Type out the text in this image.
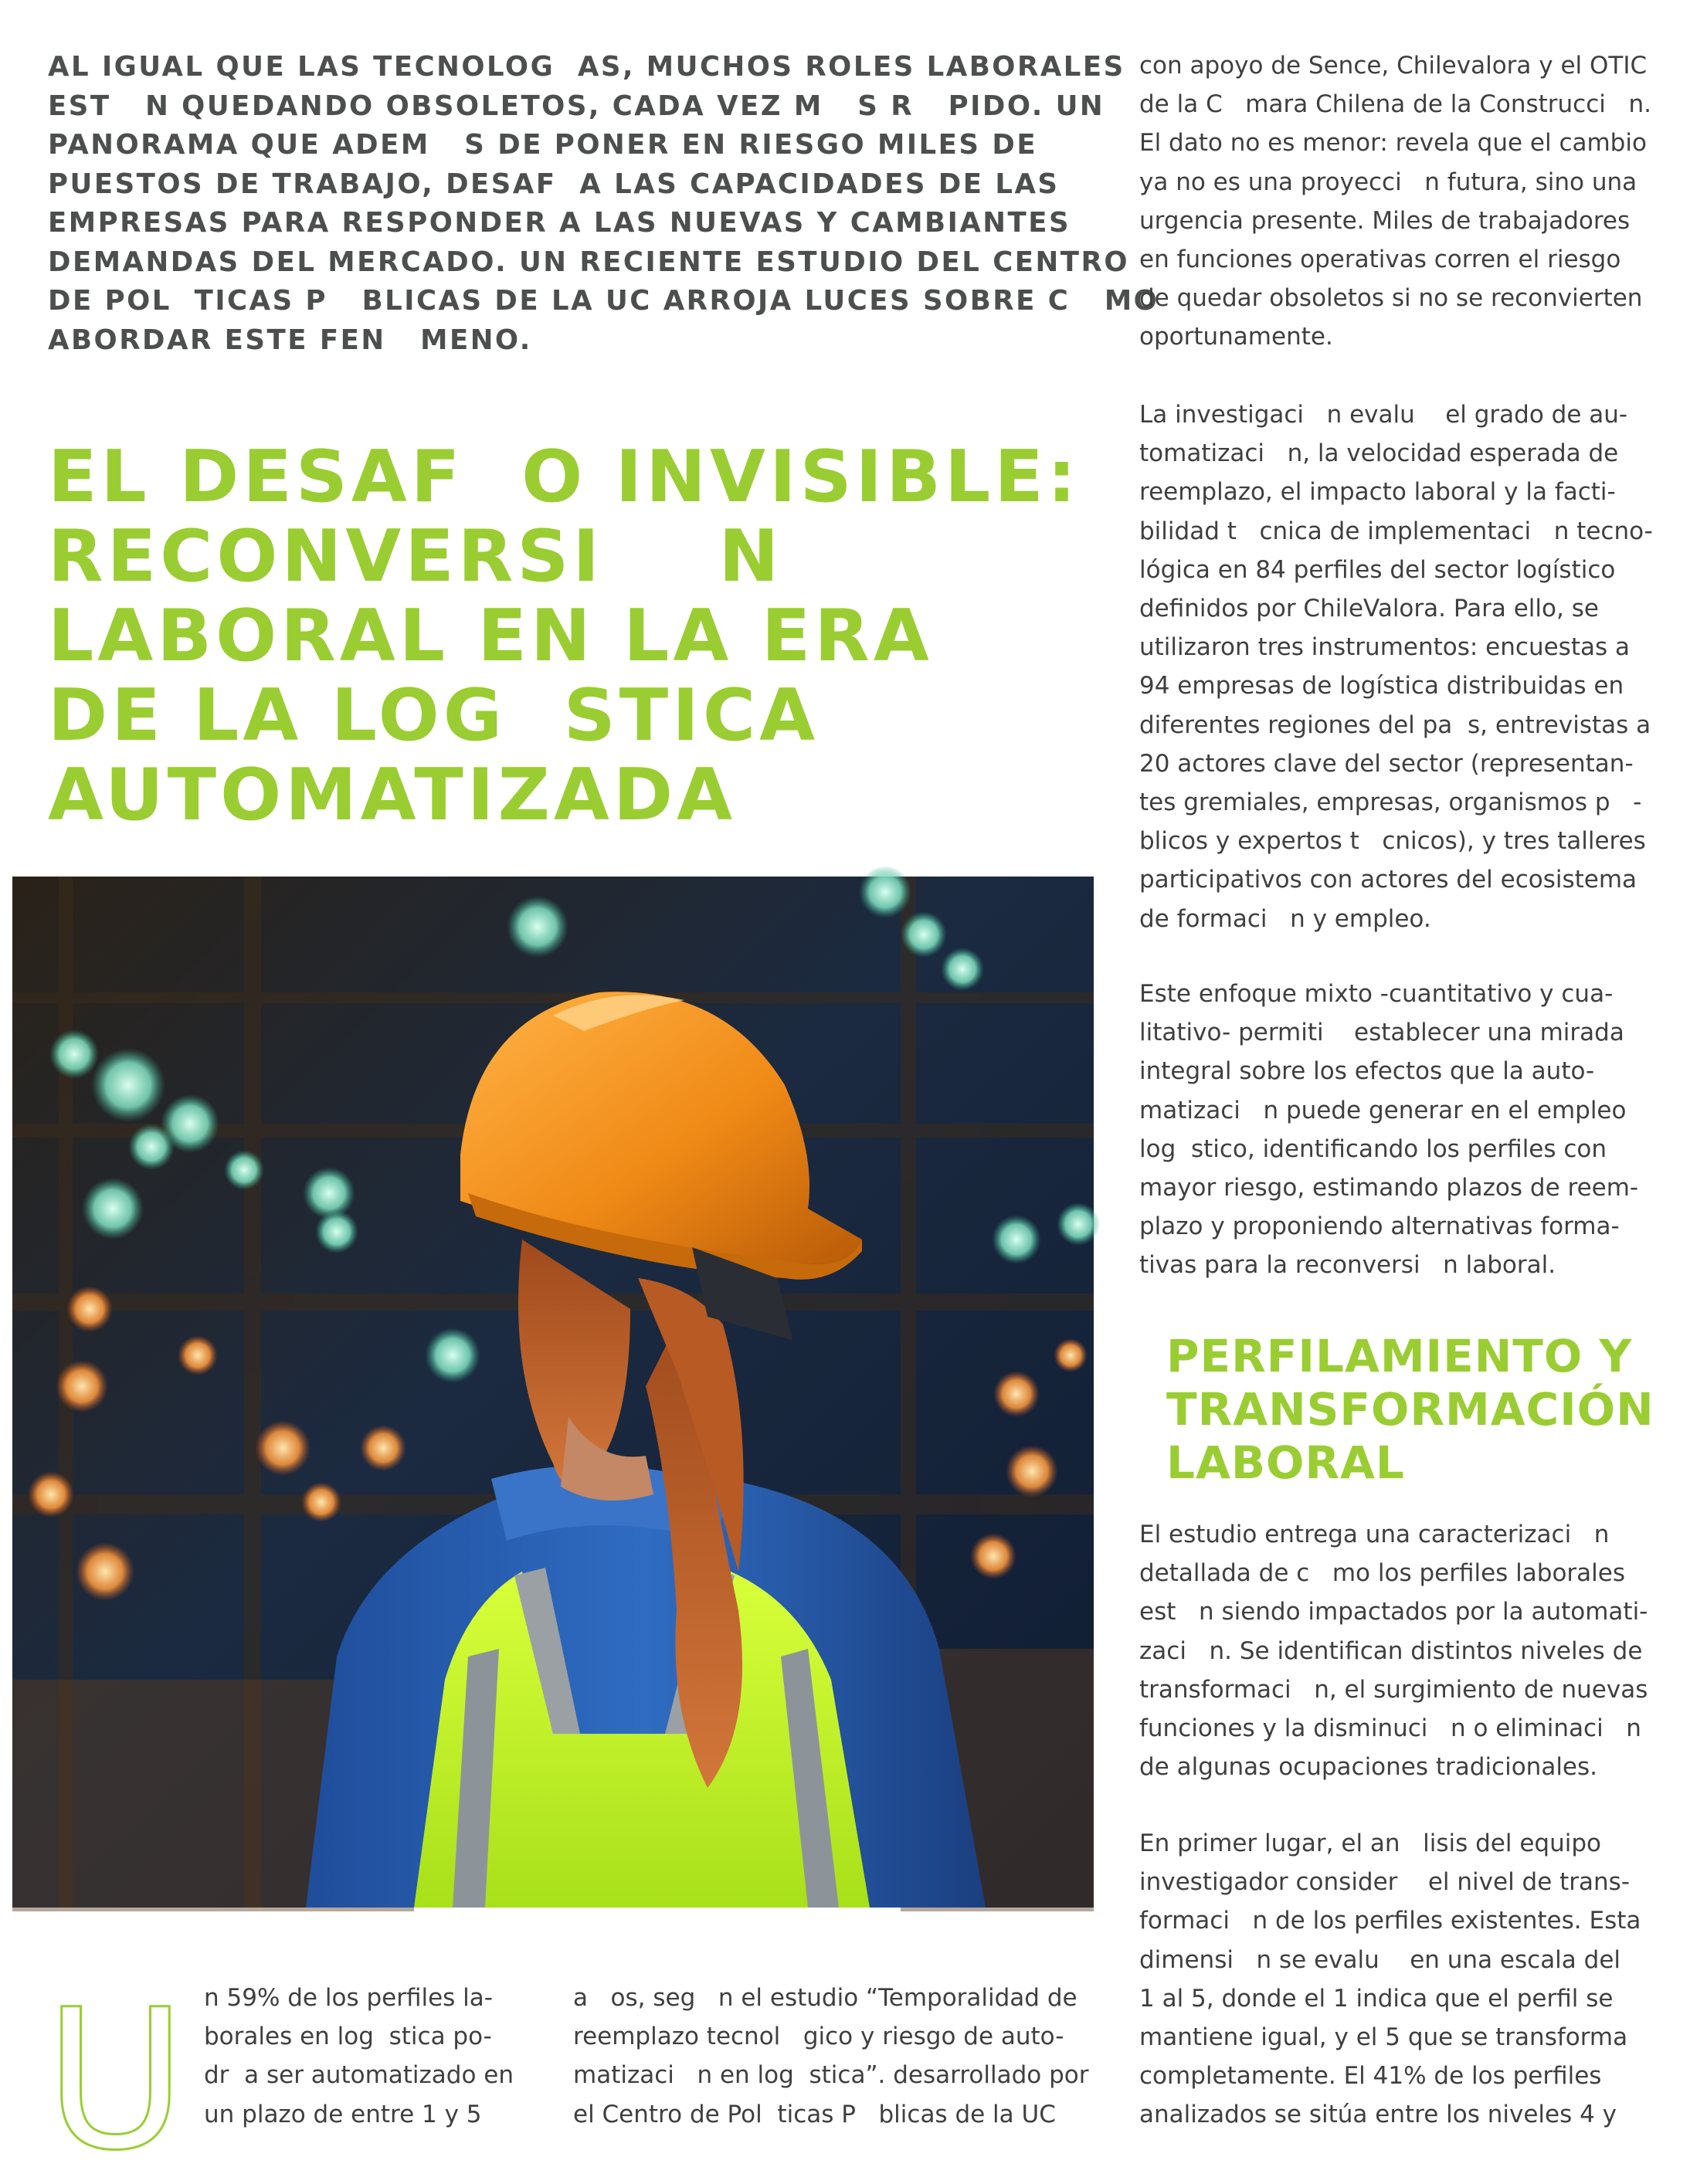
AL IGUAL QUE LAS TECNOLOG  AS, MUCHOS ROLES LABORALES
EST   N QUEDANDO OBSOLETOS, CADA VEZ M   S R   PIDO. UN
PANORAMA QUE ADEM   S DE PONER EN RIESGO MILES DE
PUESTOS DE TRABAJO, DESAF  A LAS CAPACIDADES DE LAS
EMPRESAS PARA RESPONDER A LAS NUEVAS Y CAMBIANTES
DEMANDAS DEL MERCADO. UN RECIENTE ESTUDIO DEL CENTRO
DE POL  TICAS P   BLICAS DE LA UC ARROJA LUCES SOBRE C   MO
ABORDAR ESTE FEN   MENO.
EL DESAF  O INVISIBLE:
RECONVERSI    N
LABORAL EN LA ERA
DE LA LOG  STICA
AUTOMATIZADA
con apoyo de Sence, Chilevalora y el OTIC
de la C   mara Chilena de la Construcci   n.
El dato no es menor: revela que el cambio
ya no es una proyecci   n futura, sino una
urgencia presente. Miles de trabajadores
en funciones operativas corren el riesgo
de quedar obsoletos si no se reconvierten
oportunamente.
La investigaci   n evalu    el grado de au-
tomatizaci   n, la velocidad esperada de
reemplazo, el impacto laboral y la facti-
bilidad t   cnica de implementaci   n tecno-
lógica en 84 perfiles del sector logístico
definidos por ChileValora. Para ello, se
utilizaron tres instrumentos: encuestas a
94 empresas de logística distribuidas en
diferentes regiones del pa  s, entrevistas a
20 actores clave del sector (representan-
tes gremiales, empresas, organismos p   -
blicos y expertos t   cnicos), y tres talleres
participativos con actores del ecosistema
de formaci   n y empleo.
Este enfoque mixto -cuantitativo y cua-
litativo- permiti    establecer una mirada
integral sobre los efectos que la auto-
matizaci   n puede generar en el empleo
log  stico, identificando los perfiles con
mayor riesgo, estimando plazos de reem-
plazo y proponiendo alternativas forma-
tivas para la reconversi   n laboral.
PERFILAMIENTO Y
TRANSFORMACIÓN
LABORAL
El estudio entrega una caracterizaci   n
detallada de c   mo los perfiles laborales
est   n siendo impactados por la automati-
zaci   n. Se identifican distintos niveles de
transformaci   n, el surgimiento de nuevas
funciones y la disminuci   n o eliminaci   n
de algunas ocupaciones tradicionales.
En primer lugar, el an   lisis del equipo
investigador consider    el nivel de trans-
formaci   n de los perfiles existentes. Esta
dimensi   n se evalu    en una escala del
1 al 5, donde el 1 indica que el perfil se
mantiene igual, y el 5 que se transforma
completamente. El 41% de los perfiles
analizados se sitúa entre los niveles 4 y
U n 59% de los perfiles la-
borales en log  stica po-
dr  a ser automatizado en
un plazo de entre 1 y 5
a   os, seg   n el estudio “Temporalidad de
reemplazo tecnol   gico y riesgo de auto-
matizaci   n en log  stica”. desarrollado por
el Centro de Pol  ticas P   blicas de la UC
